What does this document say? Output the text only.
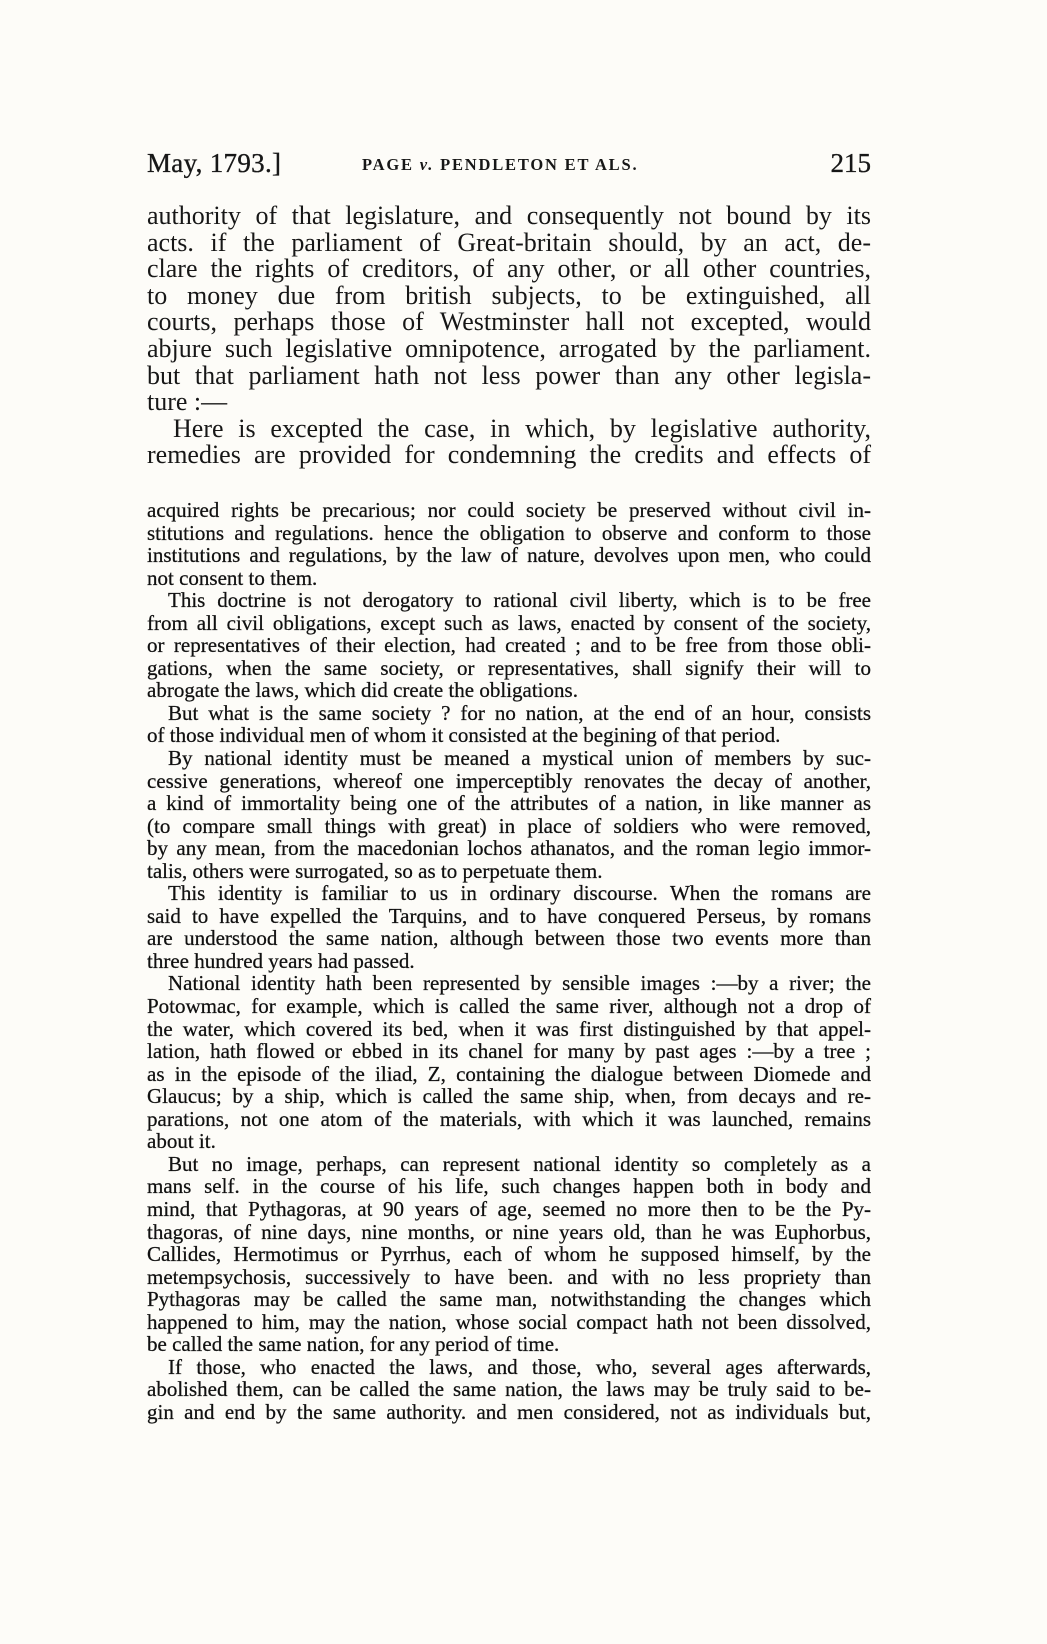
May, 1793.]	PAGE v. PENDLETON ET ALS.	215
authority of that legislature, and consequently not bound by its
acts. if the parliament of Great-britain should, by an act, de-
clare the rights of creditors, of any other, or all other countries,
to money due from british subjects, to be extinguished, all
courts, perhaps those of Westminster hall not excepted, would
abjure such legislative omnipotence, arrogated by the parliament.
but that parliament hath not less power than any other legisla-
ture :—
Here is excepted the case, in which, by legislative authority,
remedies are provided for condemning the credits and effects of
acquired rights be precarious; nor could society be preserved without civil in-
stitutions and regulations. hence the obligation to observe and conform to those
institutions and regulations, by the law of nature, devolves upon men, who could
not consent to them.
This doctrine is not derogatory to rational civil liberty, which is to be free
from all civil obligations, except such as laws, enacted by consent of the society,
or representatives of their election, had created ; and to be free from those obli-
gations, when the same society, or representatives, shall signify their will to
abrogate the laws, which did create the obligations.
But what is the same society ? for no nation, at the end of an hour, consists
of those individual men of whom it consisted at the begining of that period.
By national identity must be meaned a mystical union of members by suc-
cessive generations, whereof one imperceptibly renovates the decay of another,
a kind of immortality being one of the attributes of a nation, in like manner as
(to compare small things with great) in place of soldiers who were removed,
by any mean, from the macedonian lochos athanatos, and the roman legio immor-
talis, others were surrogated, so as to perpetuate them.
This identity is familiar to us in ordinary discourse. When the romans are
said to have expelled the Tarquins, and to have conquered Perseus, by romans
are understood the same nation, although between those two events more than
three hundred years had passed.
National identity hath been represented by sensible images :—by a river; the
Potowmac, for example, which is called the same river, although not a drop of
the water, which covered its bed, when it was first distinguished by that appel-
lation, hath flowed or ebbed in its chanel for many by past ages :—by a tree ;
as in the episode of the iliad, Z, containing the dialogue between Diomede and
Glaucus; by a ship, which is called the same ship, when, from decays and re-
parations, not one atom of the materials, with which it was launched, remains
about it.
But no image, perhaps, can represent national identity so completely as a
mans self. in the course of his life, such changes happen both in body and
mind, that Pythagoras, at 90 years of age, seemed no more then to be the Py-
thagoras, of nine days, nine months, or nine years old, than he was Euphorbus,
Callides, Hermotimus or Pyrrhus, each of whom he supposed himself, by the
metempsychosis, successively to have been. and with no less propriety than
Pythagoras may be called the same man, notwithstanding the changes which
happened to him, may the nation, whose social compact hath not been dissolved,
be called the same nation, for any period of time.
If those, who enacted the laws, and those, who, several ages afterwards,
abolished them, can be called the same nation, the laws may be truly said to be-
gin and end by the same authority. and men considered, not as individuals but,
